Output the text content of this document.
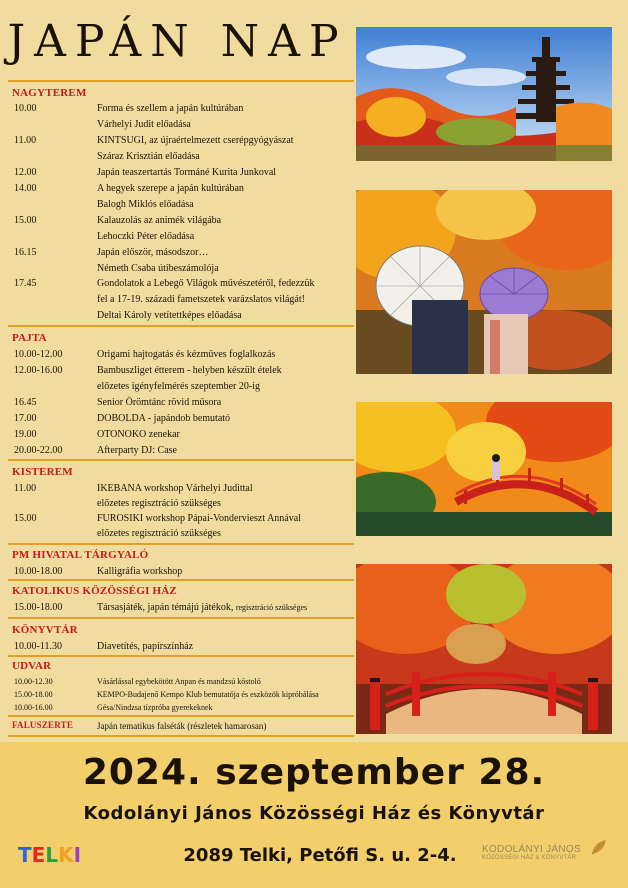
JAPÁN NAP
NAGYTEREM
10.00	Forma és szellem a japán kultúrában
Várhelyi Judit előadása
11.00	KINTSUGI, az újraértelmezett cserépgyógyászat
Száraz Krisztián előadása
12.00	Japán teaszertartás Tormáné Kurita Junkoval
14.00	A hegyek szerepe a japán kultúrában
Balogh Miklós előadása
15.00	Kalauzolás az animék világába
Lehoczki Péter előadása
16.15	Japán először, másodszor…
Németh Csaba útibeszámolója
17.45	Gondolatok a Lebegő Világok művészetéről, fedezzük
fel a 17-19. századi fametszetek varázslatos világát!
Deltai Károly vetítettképes előadása
PAJTA
10.00-12.00	Origami hajtogatás és kézműves foglalkozás
12.00-16.00	Bambuszliget étterem - helyben készült ételek
előzetes igényfelmérés szeptember 20-ig
16.45	Senior Örömtánc rövid műsora
17.00	DOBOLDA - japándob bemutató
19.00	OTONOKO zenekar
20.00-22.00	Afterparty DJ: Case
KISTEREM
11.00	IKEBANA workshop Várhelyi Judittal
előzetes regisztráció szükséges
15.00	FUROSIKI workshop Pápai-Vondervieszt Annával
előzetes regisztráció szükséges
PM HIVATAL TÁRGYALÓ
10.00-18.00	Kalligráfia workshop
KATOLIKUS KÖZÖSSÉGI HÁZ
15.00-18.00	Társasjáték, japán témájú játékok, regisztráció szükséges
KÖNYVTÁR
10.00-11.30	Diavetítés, papírszínház
UDVAR
10.00-12.30	Vásárlással egybekötött Anpan és mandzsú kóstoló
15.00-18.00	KEMPO-Budajenő Kempo Klub bemutatója és eszközök kipróbálása
10.00-16.00	Gésa/Nindzsa tízpróba gyerekeknek
FALUSZERTE	Japán tematikus falséták (részletek hamarosan)
2024. szeptember 28.
Kodolányi János Közösségi Ház és Könyvtár
2089 Telki, Petőfi S. u. 2-4.
TELKI	KODOLÁNYI JÁNOS
KÖZÖSSÉGI HÁZ & KÖNYVTÁR
